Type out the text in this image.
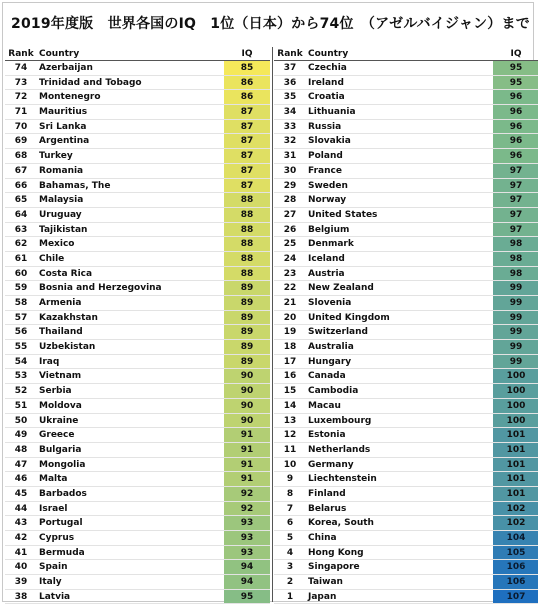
2019年度版　世界各国のIQ　1位（日本）から74位　（アゼルバイジャン）まで
Rank Country	IQ
74	Azerbaijan	85
73	Trinidad and Tobago	86
72	Montenegro	86
71	Mauritius	87
70	Sri Lanka	87
69	Argentina	87
68	Turkey	87
67	Romania	87
66	Bahamas, The	87
65	Malaysia	88
64	Uruguay	88
63	Tajikistan	88
62	Mexico	88
61	Chile	88
60	Costa Rica	88
59	Bosnia and Herzegovina	89
58	Armenia	89
57	Kazakhstan	89
56	Thailand	89
55	Uzbekistan	89
54	Iraq	89
53	Vietnam	90
52	Serbia	90
51	Moldova	90
50	Ukraine	90
49	Greece	91
48	Bulgaria	91
47	Mongolia	91
46	Malta	91
45	Barbados	92
44	Israel	92
43	Portugal	93
42	Cyprus	93
41	Bermuda	93
40	Spain	94
39	Italy	94
38	Latvia	95
Rank Country	IQ
37	Czechia	95
36	Ireland	95
35	Croatia	96
34	Lithuania	96
33	Russia	96
32	Slovakia	96
31	Poland	96
30	France	97
29	Sweden	97
28	Norway	97
27	United States	97
26	Belgium	97
25	Denmark	98
24	Iceland	98
23	Austria	98
22	New Zealand	99
21	Slovenia	99
20	United Kingdom	99
19	Switzerland	99
18	Australia	99
17	Hungary	99
16	Canada	100
15	Cambodia	100
14	Macau	100
13	Luxembourg	100
12	Estonia	101
11	Netherlands	101
10	Germany	101
9	Liechtenstein	101
8	Finland	101
7	Belarus	102
6	Korea, South	102
5	China	104
4	Hong Kong	105
3	Singapore	106
2	Taiwan	106
1	Japan	107
